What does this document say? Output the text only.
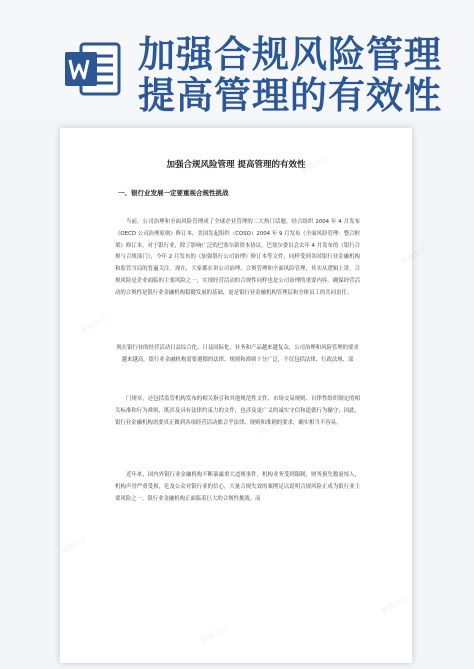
加强合规风险管理
提高管理的有效性
加强合规风险管理 提高管理的有效性
一、银行业发展一定要重视合规性挑战

当前，公司治理和全面风险管理成了全球企业管理的二大热门话题。经合组织 2004 年 4 月发布《OECD 公司治理原则》修订本，美国发起组织（COSO）2004 年 9 月发布《全面风险管理：整合框架》修订本。对于银行业，除了影响广泛的巴塞尔新资本协议，巴塞尔委员会去年 4 月发布的《银行合规与合规部门》，今年 2 月发布的《加强银行公司治理》修订本等文件，同样受到各国银行业金融机构和监管当局的普遍关注。现在，大家都在讲公司治理、合规管理和全面风险管理，其实从逻辑上讲，合规风险是企业面临的主要风险之一，实现经营活动的合规性同样也是公司治理的重要内容。确保经营活动的合规性是银行业金融机构稳健发展的基础，更是银行业金融机构管理层和全体员工的共同责任。

现在银行业的经营活动日益综合化、日益国际化，业务和产品越来越复杂，公司治理和风险管理的要求越来越高，银行业金融机构需要遵循的法律、规则和准则十分广泛，不仅包括法律、行政法规、部

门规章，还包括监管机构发布的相关指引和其他规范性文件、市场交易规则、自律性组织制定的相关标准和行为准则，既涉及具有法律约束力的文件，也涉及更广义的诚实守信和道德行为操守；因此，银行业金融机构需要真正做到各项经营活动都合乎法律、规则和准则的要求，确实相当不容易。

近年来，国内外银行业金融机构不断暴露重大违规事件，机构业务受到限制，财务损失数量惊人，机构声誉严重受损，危及公众对银行业的信心，大量合规失效的案例足以说明合规风险正成为银行业主要风险之一，银行业金融机构正面临着巨大的合规性挑战。而

熊猫办公
